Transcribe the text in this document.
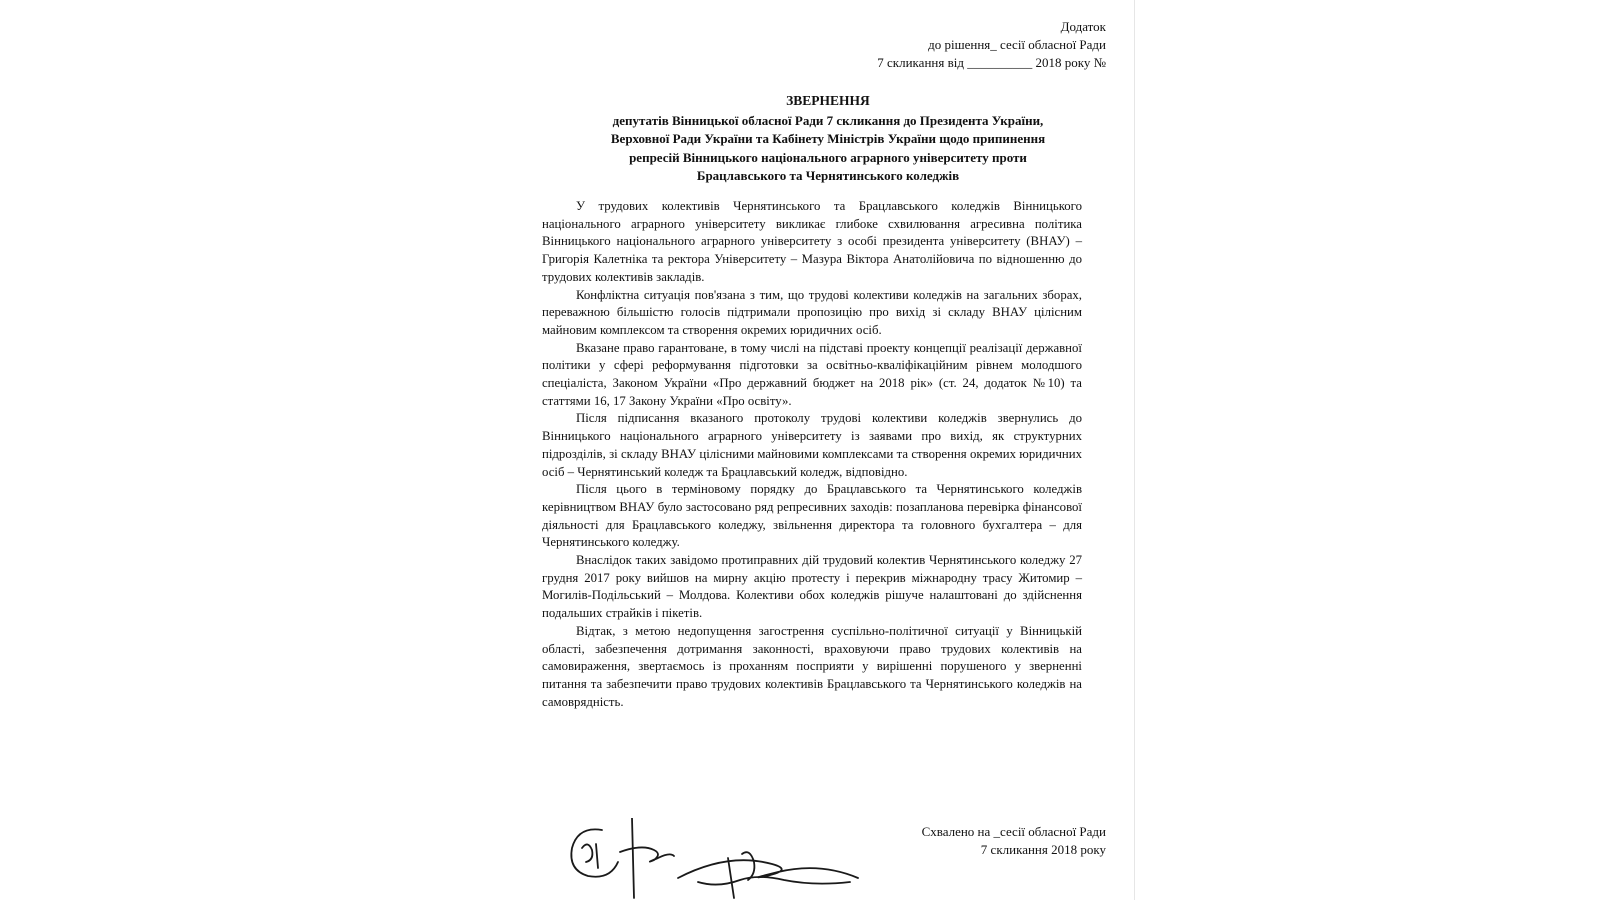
Додаток
до рішення_ сесії обласної Ради
7 скликання від __________ 2018 року №
ЗВЕРНЕННЯ
депутатів Вінницької обласної Ради 7 скликання до Президента України,
Верховної Ради України та Кабінету Міністрів України щодо припинення
репресій Вінницького національного аграрного університету проти
Брацлавського та Чернятинського коледжів

У трудових колективів Чернятинського та Брацлавського коледжів Вінницького національного аграрного університету викликає глибоке схвилювання агресивна політика Вінницького національного аграрного університету з особі президента університету (ВНАУ) – Григорія Калетніка та ректора Університету – Мазура Віктора Анатолійовича по відношенню до трудових колективів закладів.

Конфліктна ситуація пов'язана з тим, що трудові колективи коледжів на загальних зборах, переважною більшістю голосів підтримали пропозицію про вихід зі складу ВНАУ цілісним майновим комплексом та створення окремих юридичних осіб.

Вказане право гарантоване, в тому числі на підставі проекту концепції реалізації державної політики у сфері реформування підготовки за освітньо-кваліфікаційним рівнем молодшого спеціаліста, Законом України «Про державний бюджет на 2018 рік» (ст. 24, додаток №10) та статтями 16, 17 Закону України «Про освіту».

Після підписання вказаного протоколу трудові колективи коледжів звернулись до Вінницького національного аграрного університету із заявами про вихід, як структурних підрозділів, зі складу ВНАУ цілісними майновими комплексами та створення окремих юридичних осіб – Чернятинський коледж та Брацлавський коледж, відповідно.

Після цього в терміновому порядку до Брацлавського та Чернятинського коледжів керівництвом ВНАУ було застосовано ряд репресивних заходів: позапланова перевірка фінансової діяльності для Брацлавського коледжу, звільнення директора та головного бухгалтера – для Чернятинського коледжу.

Внаслідок таких завідомо протиправних дій трудовий колектив Чернятинського коледжу 27 грудня 2017 року вийшов на мирну акцію протесту і перекрив міжнародну трасу Житомир – Могилів-Подільський – Молдова. Колективи обох коледжів рішуче налаштовані до здійснення подальших страйків і пікетів.

Відтак, з метою недопущення загострення суспільно-політичної ситуації у Вінницькій області, забезпечення дотримання законності, враховуючи право трудових колективів на самовираження, звертаємось із проханням посприяти у вирішенні порушеного у зверненні питання та забезпечити право трудових колективів Брацлавського та Чернятинського коледжів на самоврядність.

Схвалено на _сесії обласної Ради
7 скликання 2018 року
